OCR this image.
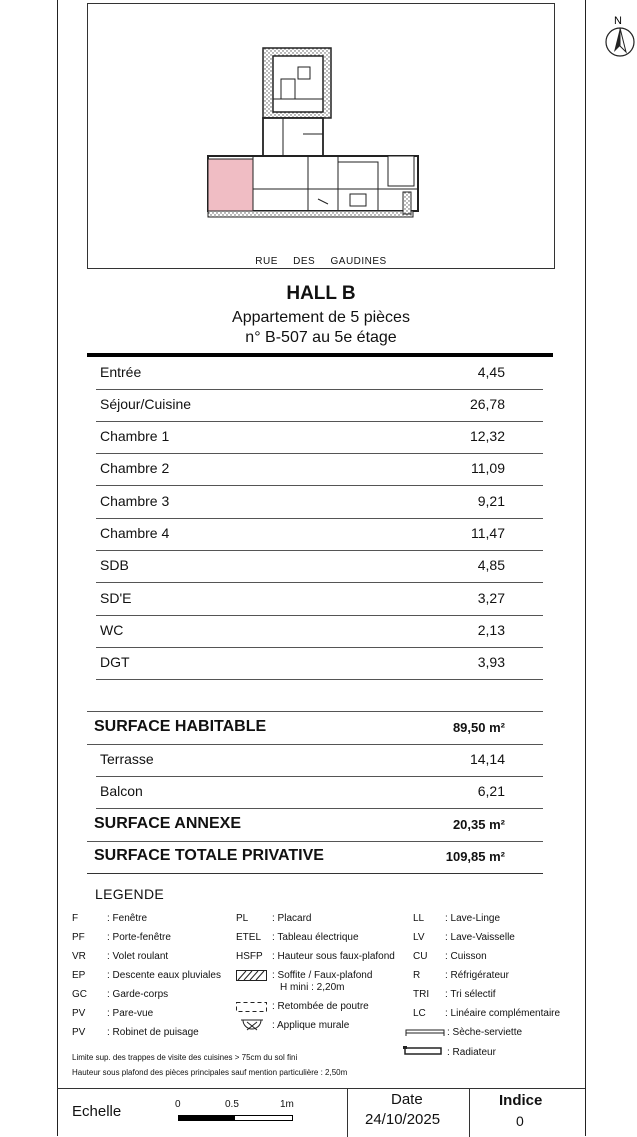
N
RUE DES GAUDINES
HALL B
Appartement de 5 pièces
n° B-507 au 5e étage
Entrée	4,45
Séjour/Cuisine	26,78
Chambre 1	12,32
Chambre 2	11,09
Chambre 3	9,21
Chambre 4	11,47
SDB	4,85
SD'E	3,27
WC	2,13
DGT	3,93
SURFACE HABITABLE	89,50 m²
Terrasse	14,14
Balcon	6,21
SURFACE ANNEXE	20,35 m²
SURFACE TOTALE PRIVATIVE	109,85 m²
LEGENDE
F	: Fenêtre
PF : Porte-fenêtre
VR : Volet roulant
EP : Descente eaux pluviales
GC : Garde-corps
PV : Pare-vue
PV : Robinet de puisage
PL : Placard
ETEL : Tableau électrique
HSFP : Hauteur sous faux-plafond
: Soffite / Faux-plafond
H mini : 2,20m
: Retombée de poutre
: Applique murale
LL : Lave-Linge
LV : Lave-Vaisselle
CU : Cuisson
R : Réfrigérateur
TRI : Tri sélectif
LC : Linéaire complémentaire
: Sèche-serviette
: Radiateur
Limite sup. des trappes de visite des cuisines > 75cm du sol fini
Hauteur sous plafond des pièces principales sauf mention particulière : 2,50m
Echelle	0	0.5	1m	Date
24/10/2025
Indice
0
